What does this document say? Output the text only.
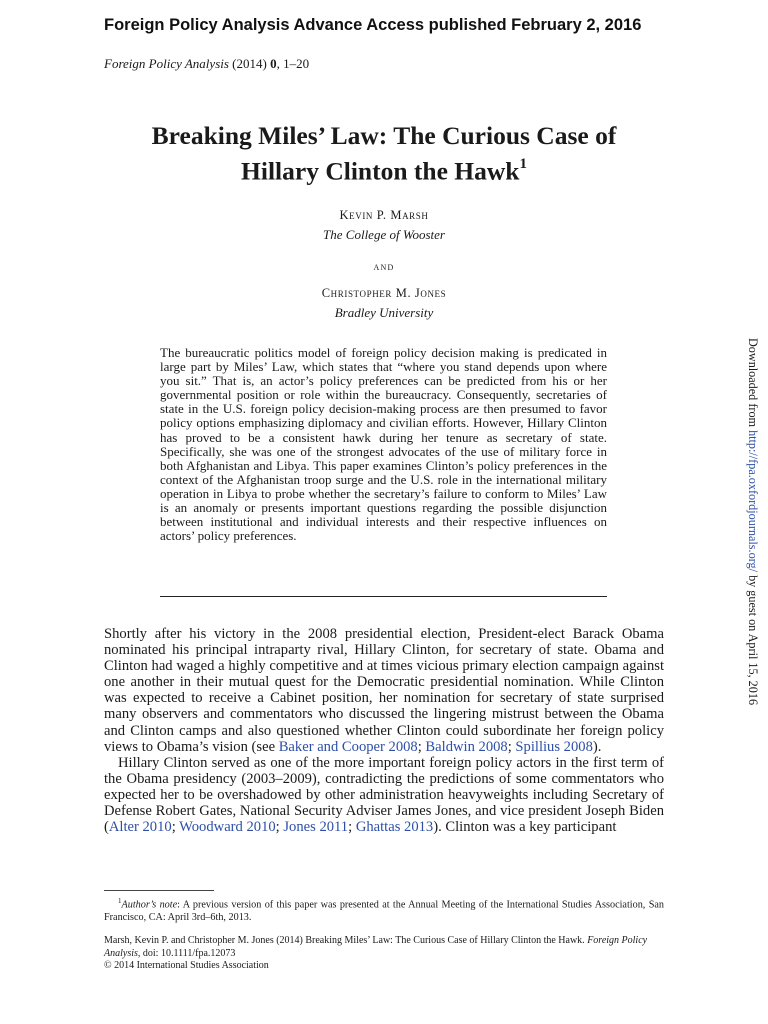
Foreign Policy Analysis Advance Access published February 2, 2016
Foreign Policy Analysis (2014) 0, 1–20
Breaking Miles’ Law: The Curious Case of
Hillary Clinton the Hawk$^1$
Kevin P. Marsh
The College of Wooster
and
Christopher M. Jones
Bradley University
The bureaucratic politics model of foreign policy decision making is predicated in large part by Miles’ Law, which states that “where you stand depends upon where you sit.” That is, an actor’s policy preferences can be predicted from his or her governmental position or role within the bureaucracy. Consequently, secretaries of state in the U.S. foreign policy decision-making process are then presumed to favor policy options emphasizing diplomacy and civilian efforts. However, Hillary Clinton has proved to be a consistent hawk during her tenure as secretary of state. Specifically, she was one of the strongest advocates of the use of military force in both Afghanistan and Libya. This paper examines Clinton’s policy preferences in the context of the Afghanistan troop surge and the U.S. role in the international military operation in Libya to probe whether the secretary’s failure to conform to Miles’ Law is an anomaly or presents important questions regarding the possible disjunction between institutional and individual interests and their respective influences on actors’ policy preferences.

Shortly after his victory in the 2008 presidential election, President-elect Barack Obama nominated his principal intraparty rival, Hillary Clinton, for secretary of state. Obama and Clinton had waged a highly competitive and at times vicious primary election campaign against one another in their mutual quest for the Democratic presidential nomination. While Clinton was expected to receive a Cabinet position, her nomination for secretary of state surprised many observers and commentators who discussed the lingering mistrust between the Obama and Clinton camps and also questioned whether Clinton could subordinate her foreign policy views to Obama’s vision (see Baker and Cooper 2008; Baldwin 2008; Spillius 2008).

Hillary Clinton served as one of the more important foreign policy actors in the first term of the Obama presidency (2003–2009), contradicting the predictions of some commentators who expected her to be overshadowed by other administration heavyweights including Secretary of Defense Robert Gates, National Security Adviser James Jones, and vice president Joseph Biden (Alter 2010; Woodward 2010; Jones 2011; Ghattas 2013). Clinton was a key participant

$^1$Author’s note: A previous version of this paper was presented at the Annual Meeting of the International Studies Association, San Francisco, CA: April 3rd–6th, 2013.
Marsh, Kevin P. and Christopher M. Jones (2014) Breaking Miles’ Law: The Curious Case of Hillary Clinton the Hawk. Foreign Policy Analysis, doi: 10.1111/fpa.12073
© 2014 International Studies Association
Downloaded from http://fpa.oxfordjournals.org/ by guest on April 15, 2016
